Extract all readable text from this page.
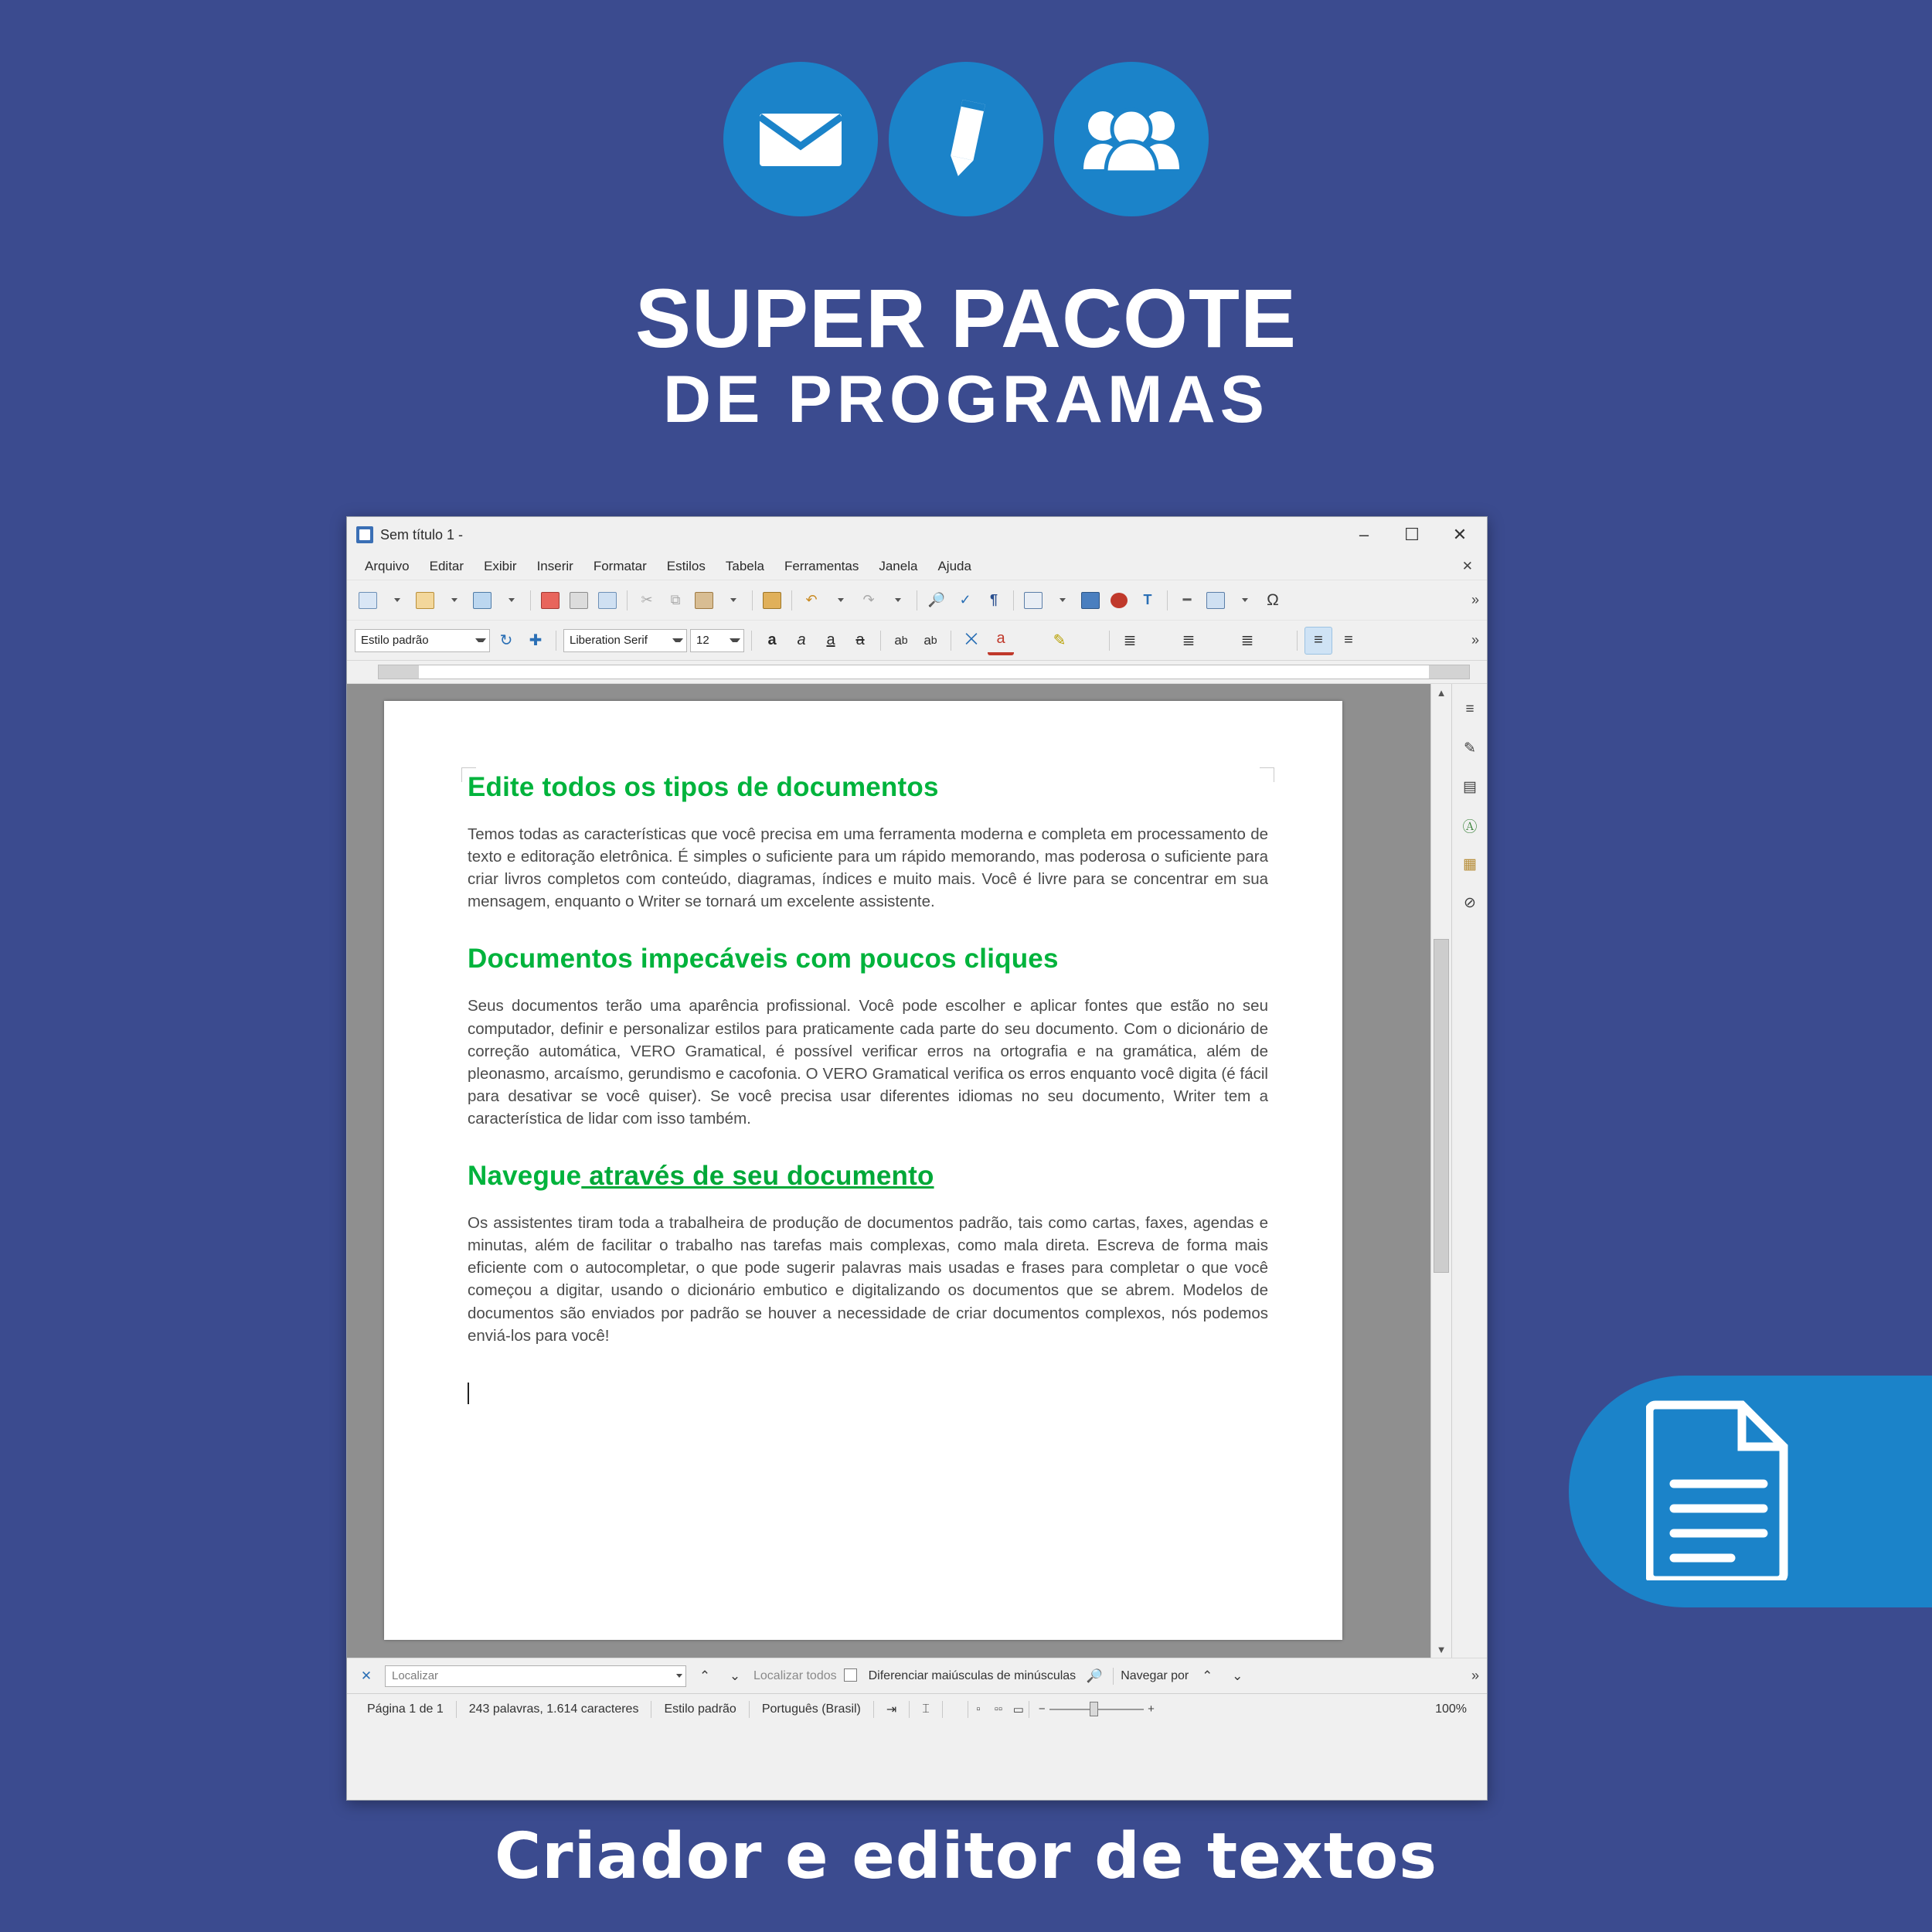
SUPER PACOTE
DE PROGRAMAS
Sem título 1 -	–	☐	✕
Arquivo	Editar	Exibir	Inserir	Formatar	Estilos	Tabela	Ferramentas	Janela	Ajuda	✕
✂	⧉	↶	↷	🔎	✓	¶	T	━	Ω	»
Estilo padrão	↻	✚	Liberation Serif	12	a	a	a	a	a b	a b	⨉	a	✎	≣	≣	≣	≡	≡	»
Edite todos os tipos de documentos

Temos todas as características que você precisa em uma ferramenta moderna e completa em processamento de texto e editoração eletrônica. É simples o suficiente para um rápido memorando, mas poderosa o suficiente para criar livros completos com conteúdo, diagramas, índices e muito mais. Você é livre para se concentrar em sua mensagem, enquanto o Writer se tornará um excelente assistente.

Documentos impecáveis com poucos cliques

Seus documentos terão uma aparência profissional. Você pode escolher e aplicar fontes que estão no seu computador, definir e personalizar estilos para praticamente cada parte do seu documento. Com o dicionário de correção automática, VERO Gramatical, é possível verificar erros na ortografia e na gramática, além de pleonasmo, arcaísmo, gerundismo e cacofonia. O VERO Gramatical verifica os erros enquanto você digita (é fácil para desativar se você quiser). Se você precisa usar diferentes idiomas no seu documento, Writer tem a característica de lidar com isso também.

Navegue através de seu documento

Os assistentes tiram toda a trabalheira de produção de documentos padrão, tais como cartas, faxes, agendas e minutas, além de facilitar o trabalho nas tarefas mais complexas, como mala direta. Escreva de forma mais eficiente com o autocompletar, o que pode sugerir palavras mais usadas e frases para completar o que você começou a digitar, usando o dicionário embutico e digitalizando os documentos que se abrem. Modelos de documentos são enviados por padrão se houver a necessidade de criar documentos complexos, nós podemos enviá-los para você!

▲
▼
≡
✎
▤
Ⓐ
▦
⊘
✕	Localizar	⌃	⌄	Localizar todos	Diferenciar maiúsculas de minúsculas 🔎 Navegar por ⌃	⌄	»
Página 1 de 1	243 palavras, 1.614 caracteres	Estilo padrão	Português (Brasil)	⇥	⌶	▫	▫▫ ▭	−	+	100%
Criador e editor de textos
